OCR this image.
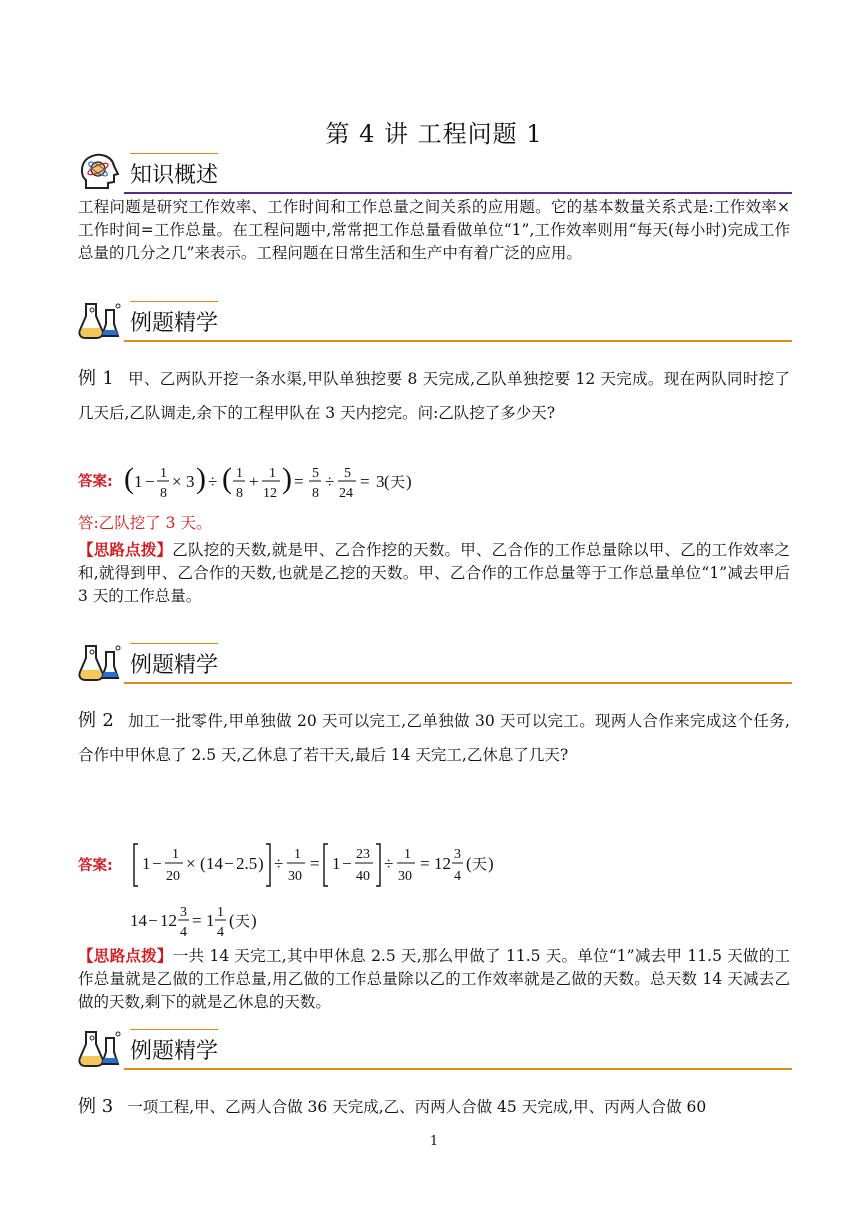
第 4 讲 工程问题 1
知识概述
工程问题是研究工作效率、工作时间和工作总量之间关系的应用题。它的基本数量关系式是:工作效率×工作时间=工作总量。在工程问题中,常常把工作总量看做单位“1”,工作效率则用“每天(每小时)完成工作总量的几分之几”来表示。工程问题在日常生活和生产中有着广泛的应用。
例题精学
例 1 甲、乙两队开挖一条水渠,甲队单独挖要 8 天完成,乙队单独挖要 12 天完成。现在两队同时挖了几天后,乙队调走,余下的工程甲队在 3 天内挖完。问:乙队挖了多少天?
答案: ( 1 − 1
8
× 3 ) ÷ ( 1
8
+ 1
12 ) = 5
8
÷ 5
24
= 3 ( 天 )
答:乙队挖了 3 天。
【思路点拨】乙队挖的天数,就是甲、乙合作挖的天数。甲、乙合作的工作总量除以甲、乙的工作效率之和,就得到甲、乙合作的天数,也就是乙挖的天数。甲、乙合作的工作总量等于工作总量单位“1”减去甲后 3 天的工作总量。
例题精学
例 2 加工一批零件,甲单独做 20 天可以完工,乙单独做 30 天可以完工。现两人合作来完成这个任务,合作中甲休息了 2.5 天,乙休息了若干天,最后 14 天完工,乙休息了几天?
答案: 1 − 1
20
× ( 14 − 2.5 ) ÷ 1
30
= 1 − 23
40
÷ 1
30
= 12 3
4
( 天 )
14 − 12 3
4
= 1 1
4
( 天 )
【思路点拨】一共 14 天完工,其中甲休息 2.5 天,那么甲做了 11.5 天。单位“1”减去甲 11.5 天做的工作总量就是乙做的工作总量,用乙做的工作总量除以乙的工作效率就是乙做的天数。总天数 14 天减去乙做的天数,剩下的就是乙休息的天数。
例题精学
例 3 一项工程,甲、乙两人合做 36 天完成,乙、丙两人合做 45 天完成,甲、丙两人合做 60
1
